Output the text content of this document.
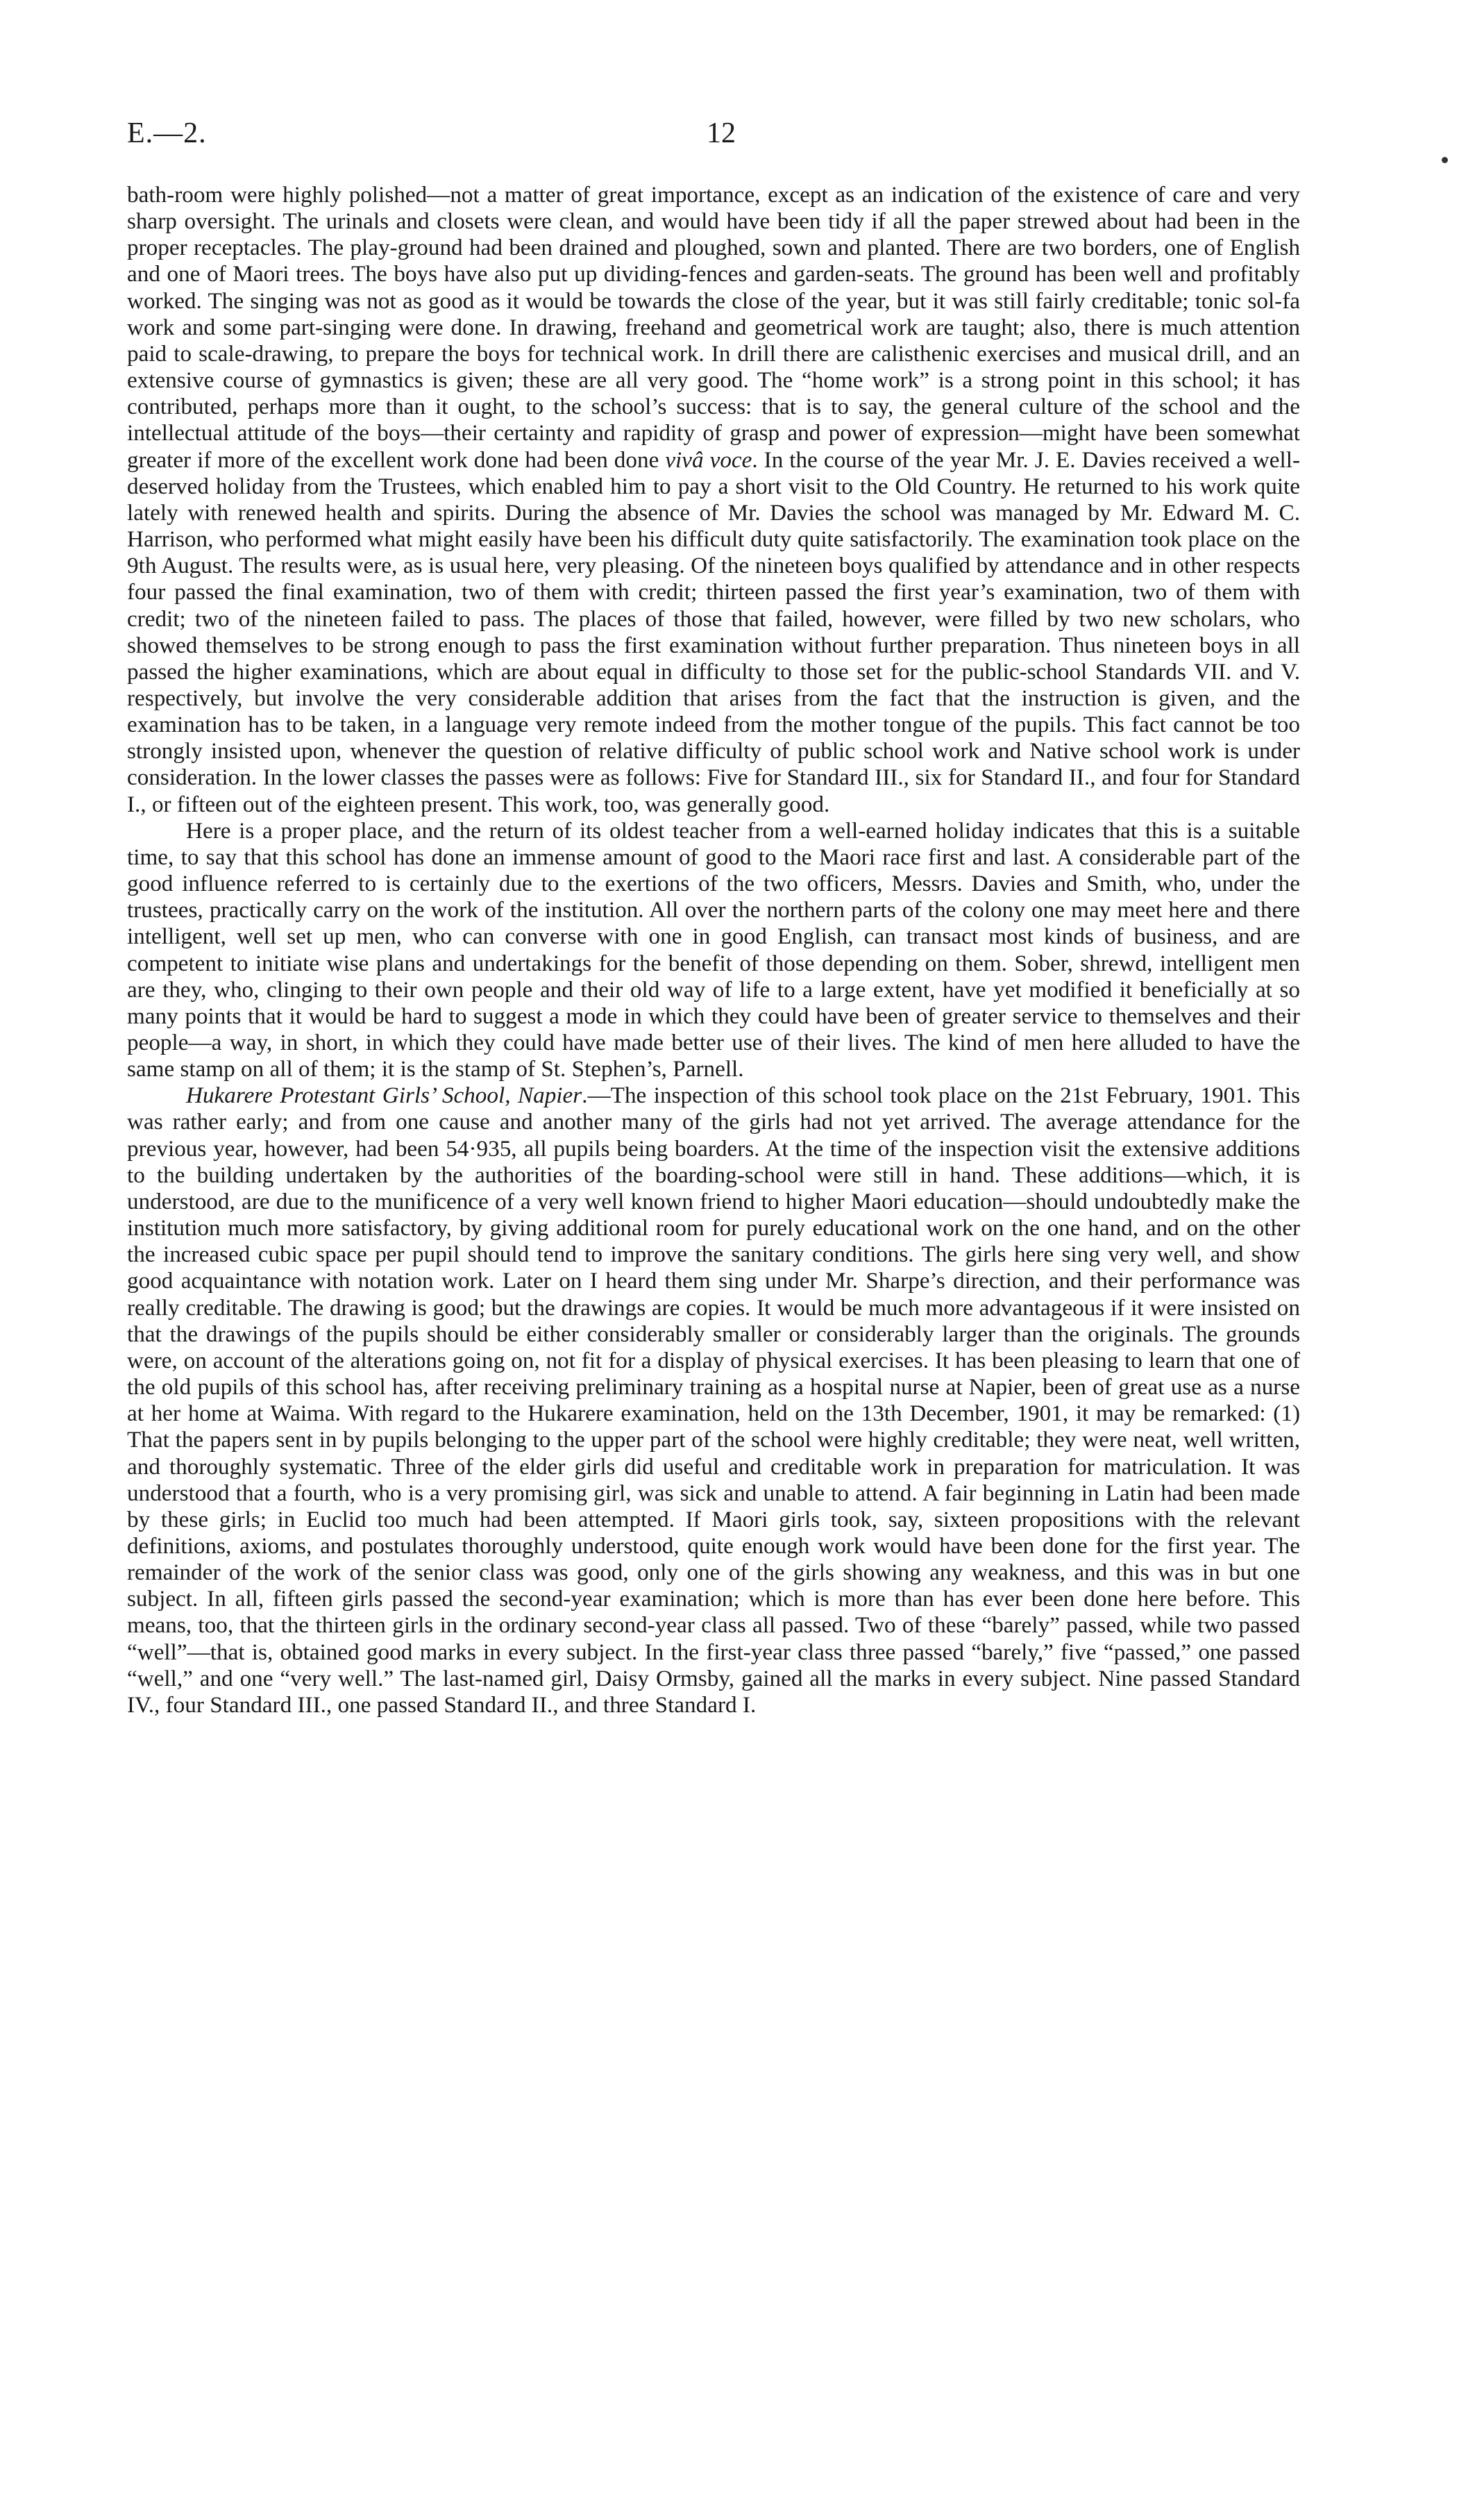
E.—2.	12

bath-room were highly polished—not a matter of great importance, except as an indication of the existence of care and very sharp oversight. The urinals and closets were clean, and would have been tidy if all the paper strewed about had been in the proper receptacles. The play-ground had been drained and ploughed, sown and planted. There are two borders, one of English and one of Maori trees. The boys have also put up dividing-fences and garden-seats. The ground has been well and profitably worked. The singing was not as good as it would be towards the close of the year, but it was still fairly creditable; tonic sol-fa work and some part-singing were done. In drawing, freehand and geometrical work are taught; also, there is much attention paid to scale-drawing, to prepare the boys for technical work. In drill there are calisthenic exercises and musical drill, and an extensive course of gymnastics is given; these are all very good. The “home work” is a strong point in this school; it has contributed, perhaps more than it ought, to the school’s success: that is to say, the general culture of the school and the intellectual attitude of the boys—their certainty and rapidity of grasp and power of expression—might have been somewhat greater if more of the excellent work done had been done vivâ voce. In the course of the year Mr. J. E. Davies received a well-deserved holiday from the Trustees, which enabled him to pay a short visit to the Old Country. He returned to his work quite lately with renewed health and spirits. During the absence of Mr. Davies the school was managed by Mr. Edward M. C. Harrison, who performed what might easily have been his difficult duty quite satisfactorily. The examination took place on the 9th August. The results were, as is usual here, very pleasing. Of the nineteen boys qualified by attendance and in other respects four passed the final examination, two of them with credit; thirteen passed the first year’s examination, two of them with credit; two of the nineteen failed to pass. The places of those that failed, however, were filled by two new scholars, who showed themselves to be strong enough to pass the first examination without further preparation. Thus nineteen boys in all passed the higher examinations, which are about equal in difficulty to those set for the public-school Standards VII. and V. respectively, but involve the very considerable addition that arises from the fact that the instruction is given, and the examination has to be taken, in a language very remote indeed from the mother tongue of the pupils. This fact cannot be too strongly insisted upon, whenever the question of relative difficulty of public school work and Native school work is under consideration. In the lower classes the passes were as follows: Five for Standard III., six for Standard II., and four for Standard I., or fifteen out of the eighteen present. This work, too, was generally good.

Here is a proper place, and the return of its oldest teacher from a well-earned holiday indicates that this is a suitable time, to say that this school has done an immense amount of good to the Maori race first and last. A considerable part of the good influence referred to is certainly due to the exertions of the two officers, Messrs. Davies and Smith, who, under the trustees, practically carry on the work of the institution. All over the northern parts of the colony one may meet here and there intelligent, well set up men, who can converse with one in good English, can transact most kinds of business, and are competent to initiate wise plans and undertakings for the benefit of those depending on them. Sober, shrewd, intelligent men are they, who, clinging to their own people and their old way of life to a large extent, have yet modified it beneficially at so many points that it would be hard to suggest a mode in which they could have been of greater service to themselves and their people—a way, in short, in which they could have made better use of their lives. The kind of men here alluded to have the same stamp on all of them; it is the stamp of St. Stephen’s, Parnell.

Hukarere Protestant Girls’ School, Napier.—The inspection of this school took place on the 21st February, 1901. This was rather early; and from one cause and another many of the girls had not yet arrived. The average attendance for the previous year, however, had been 54·935, all pupils being boarders. At the time of the inspection visit the extensive additions to the building undertaken by the authorities of the boarding-school were still in hand. These additions—which, it is understood, are due to the munificence of a very well known friend to higher Maori education—should undoubtedly make the institution much more satisfactory, by giving additional room for purely educational work on the one hand, and on the other the increased cubic space per pupil should tend to improve the sanitary conditions. The girls here sing very well, and show good acquaintance with notation work. Later on I heard them sing under Mr. Sharpe’s direction, and their performance was really creditable. The drawing is good; but the drawings are copies. It would be much more advantageous if it were insisted on that the drawings of the pupils should be either considerably smaller or considerably larger than the originals. The grounds were, on account of the alterations going on, not fit for a display of physical exercises. It has been pleasing to learn that one of the old pupils of this school has, after receiving preliminary training as a hospital nurse at Napier, been of great use as a nurse at her home at Waima. With regard to the Hukarere examination, held on the 13th December, 1901, it may be remarked: (1) That the papers sent in by pupils belonging to the upper part of the school were highly creditable; they were neat, well written, and thoroughly systematic. Three of the elder girls did useful and creditable work in preparation for matriculation. It was understood that a fourth, who is a very promising girl, was sick and unable to attend. A fair beginning in Latin had been made by these girls; in Euclid too much had been attempted. If Maori girls took, say, sixteen propositions with the relevant definitions, axioms, and postulates thoroughly understood, quite enough work would have been done for the first year. The remainder of the work of the senior class was good, only one of the girls showing any weakness, and this was in but one subject. In all, fifteen girls passed the second-year examination; which is more than has ever been done here before. This means, too, that the thirteen girls in the ordinary second-year class all passed. Two of these “barely” passed, while two passed “well”—that is, obtained good marks in every subject. In the first-year class three passed “barely,” five “passed,” one passed “well,” and one “very well.” The last-named girl, Daisy Ormsby, gained all the marks in every subject. Nine passed Standard IV., four Standard III., one passed Standard II., and three Standard I.
